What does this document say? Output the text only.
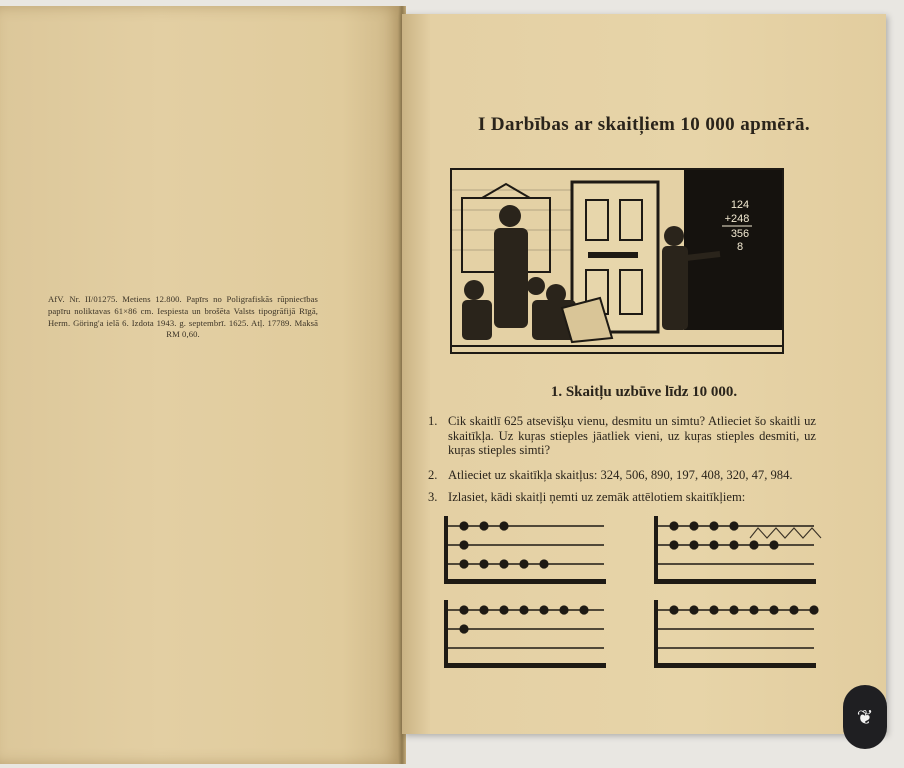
AfV. Nr. II/01275. Metiens 12.800. Papīrs no Poligrafiskās rūpniecības papīru noliktavas 61×86 cm. Iespiesta un brošēta Valsts tipogrāfijā Rīgā, Herm. Göring'a ielā 6. Izdota 1943. g. septembrī. 1625. Atļ. 17789. Maksā RM 0,60.
I Darbības ar skaitļiem 10 000 apmērā.
124
+248
356
8
1. Skaitļu uzbūve līdz 10 000.
1. Cik skaitlī 625 atsevišķu vienu, desmitu un simtu? Atlieciet šo skaitli uz skaitīkļa. Uz kuŗas stieples jāatliek vieni, uz kuŗas stieples desmiti, uz kuŗas stieples simti?
2. Atlieciet uz skaitīkļa skaitļus: 324, 506, 890, 197, 408, 320, 47, 984.
3. Izlasiet, kādi skaitļi ņemti uz zemāk attēlotiem skaitīkļiem:
❦
